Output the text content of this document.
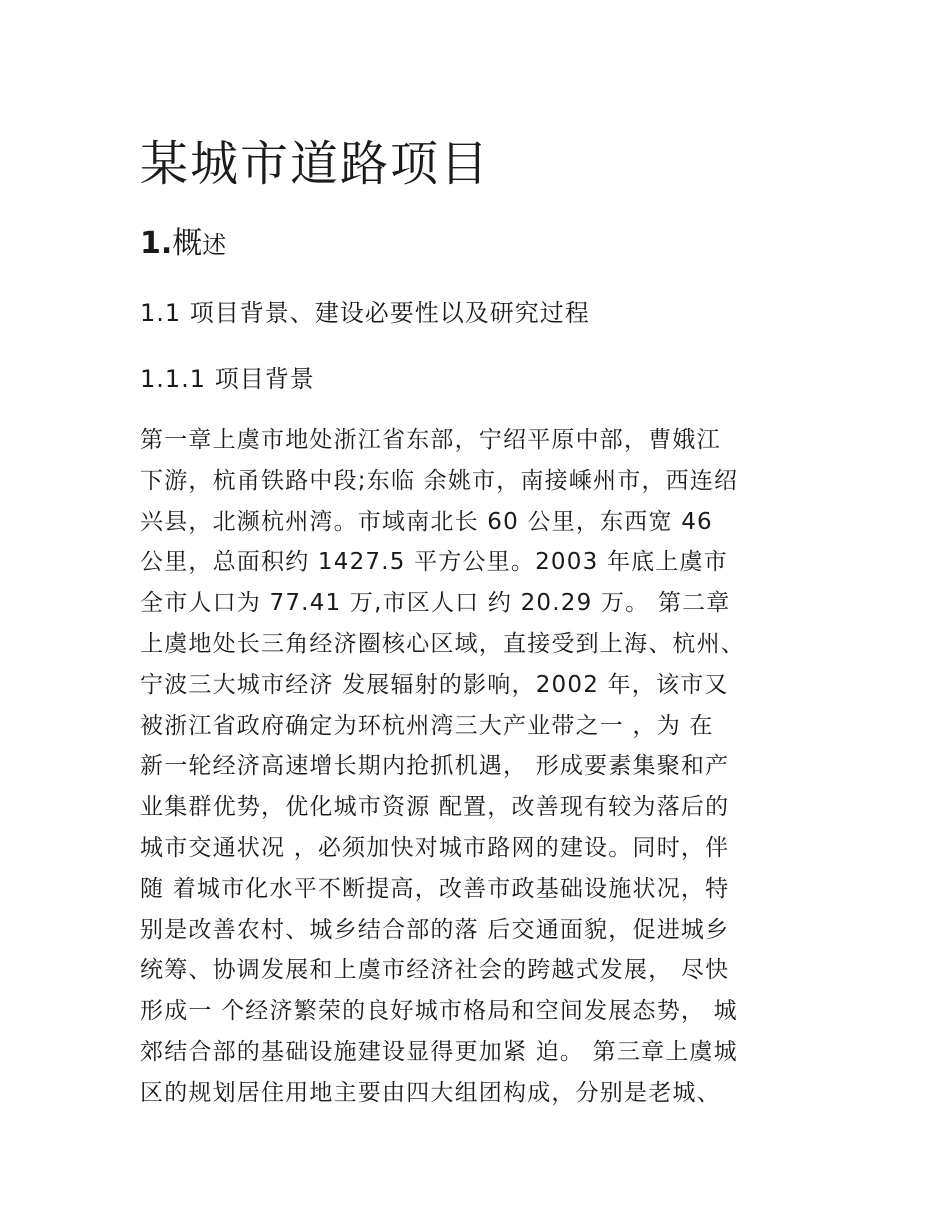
某城市道路项目
1.概述
1.1 项目背景、建设必要性以及研究过程
1.1.1 项目背景
第一章上虞市地处浙江省东部，宁绍平原中部，曹娥江
下游，杭甬铁路中段;东临 余姚市，南接嵊州市，西连绍
兴县，北濒杭州湾。市域南北长 60 公里，东西宽 46
公里，总面积约 1427.5 平方公里。2003 年底上虞市
全市人口为 77.41 万,市区人口 约 20.29 万。 第二章
上虞地处长三角经济圈核心区域，直接受到上海、杭州、
宁波三大城市经济 发展辐射的影响，2002 年，该市又
被浙江省政府确定为环杭州湾三大产业带之一 ，为 在
新一轮经济高速增长期内抢抓机遇， 形成要素集聚和产
业集群优势，优化城市资源 配置，改善现有较为落后的
城市交通状况 ，必须加快对城市路网的建设。同时，伴
随 着城市化水平不断提高，改善市政基础设施状况，特
别是改善农村、城乡结合部的落 后交通面貌，促进城乡
统筹、协调发展和上虞市经济社会的跨越式发展， 尽快
形成一 个经济繁荣的良好城市格局和空间发展态势， 城
郊结合部的基础设施建设显得更加紧 迫。 第三章上虞城
区的规划居住用地主要由四大组团构成，分别是老城、
